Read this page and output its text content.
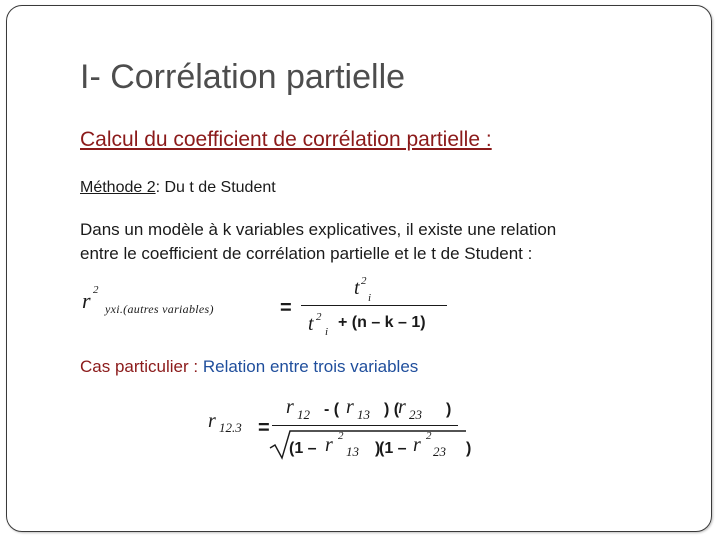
I- Corrélation partielle
Calcul du coefficient de corrélation partielle :
Méthode 2: Du t de Student
Dans un modèle à k variables explicatives, il existe une relation
entre le coefficient de corrélation partielle et le t de Student :
r 2
yxi.(autres variables)	=
t 2
i
t 2
i
+ (n – k – 1)
Cas particulier : Relation entre trois variables
r 12.3 =
r 12 - ( r 13 ) (
r 23 )
(1 – r 2
13 )
(1 – r 2
23 )
